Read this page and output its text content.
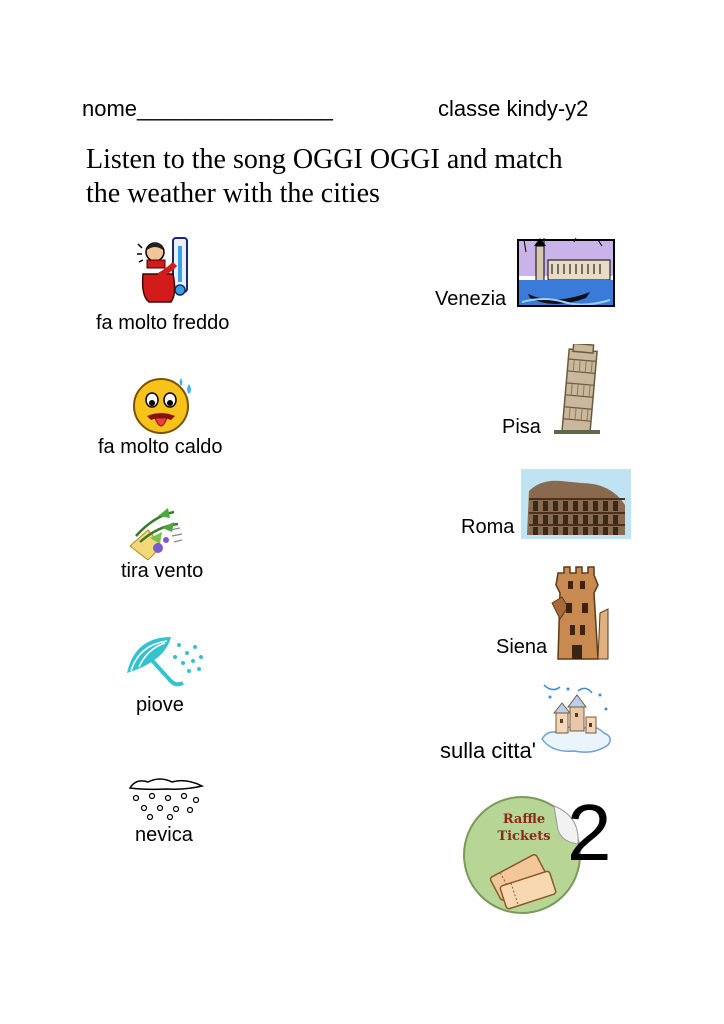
nome________________	classe kindy-y2
Listen to the song OGGI OGGI and match
the weather with the cities
fa molto freddo
fa molto caldo
tira vento
piove
nevica
Venezia
Pisa
Roma
Siena
sulla citta'
Raffle
Tickets 2
